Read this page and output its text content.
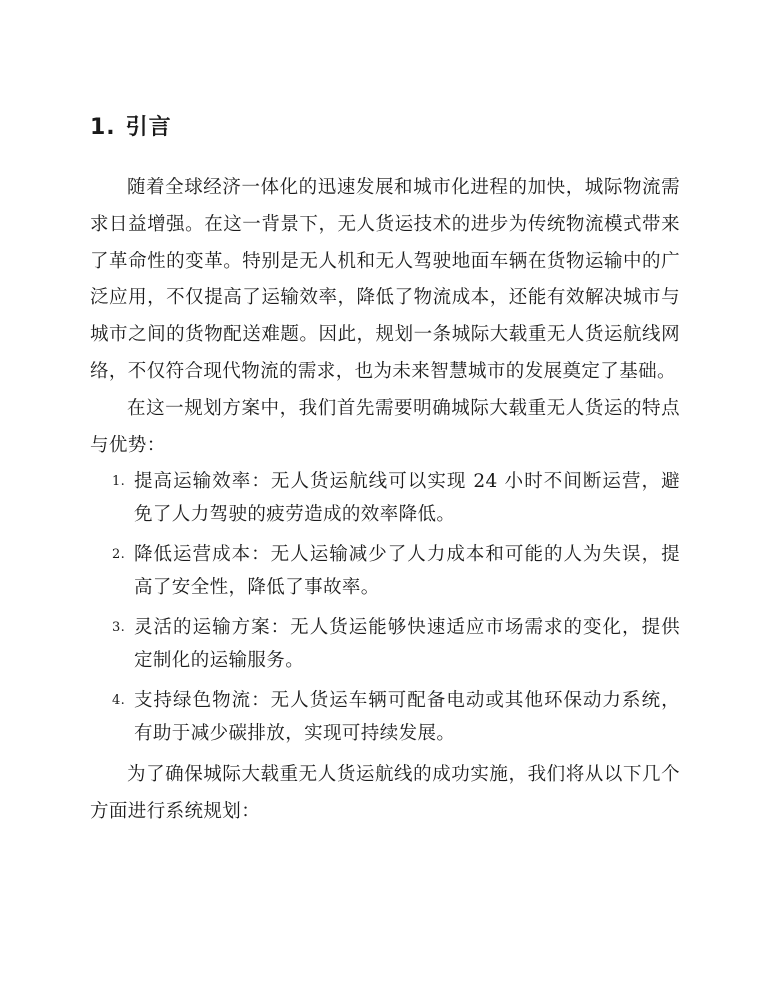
1. 引言

随着全球经济一体化的迅速发展和城市化进程的加快，城际物流需求日益增强。在这一背景下，无人货运技术的进步为传统物流模式带来了革命性的变革。特别是无人机和无人驾驶地面车辆在货物运输中的广泛应用，不仅提高了运输效率，降低了物流成本，还能有效解决城市与城市之间的货物配送难题。因此，规划一条城际大载重无人货运航线网络，不仅符合现代物流的需求，也为未来智慧城市的发展奠定了基础。

在这一规划方案中，我们首先需要明确城际大载重无人货运的特点与优势：

1. 提高运输效率：无人货运航线可以实现 24 小时不间断运营，避免了人力驾驶的疲劳造成的效率降低。
2. 降低运营成本：无人运输减少了人力成本和可能的人为失误，提高了安全性，降低了事故率。
3. 灵活的运输方案：无人货运能够快速适应市场需求的变化，提供定制化的运输服务。
4. 支持绿色物流：无人货运车辆可配备电动或其他环保动力系统，有助于减少碳排放，实现可持续发展。

为了确保城际大载重无人货运航线的成功实施，我们将从以下几个方面进行系统规划：
